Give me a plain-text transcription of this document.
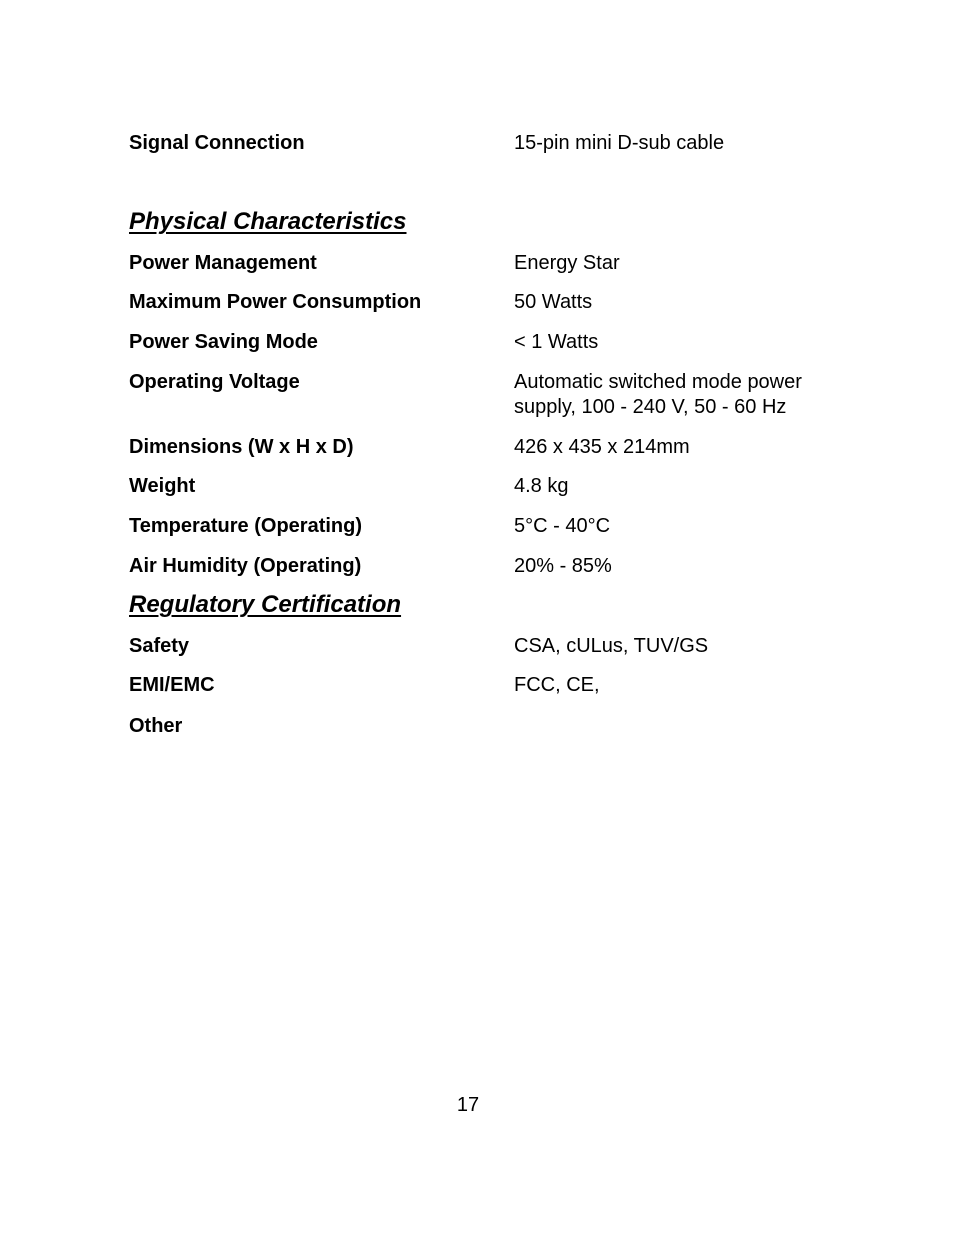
Signal Connection	15-pin mini D-sub cable
Physical Characteristics
Power Management	Energy Star
Maximum Power Consumption	50 Watts
Power Saving Mode	< 1 Watts
Operating Voltage	Automatic switched mode power supply, 100 - 240 V, 50 - 60 Hz
Dimensions (W x H x D)	426 x 435 x 214mm
Weight	4.8 kg
Temperature (Operating)	5°C - 40°C
Air Humidity (Operating)	20% - 85%
Regulatory Certification
Safety	CSA, cULus, TUV/GS
EMI/EMC	FCC, CE,
Other
17
